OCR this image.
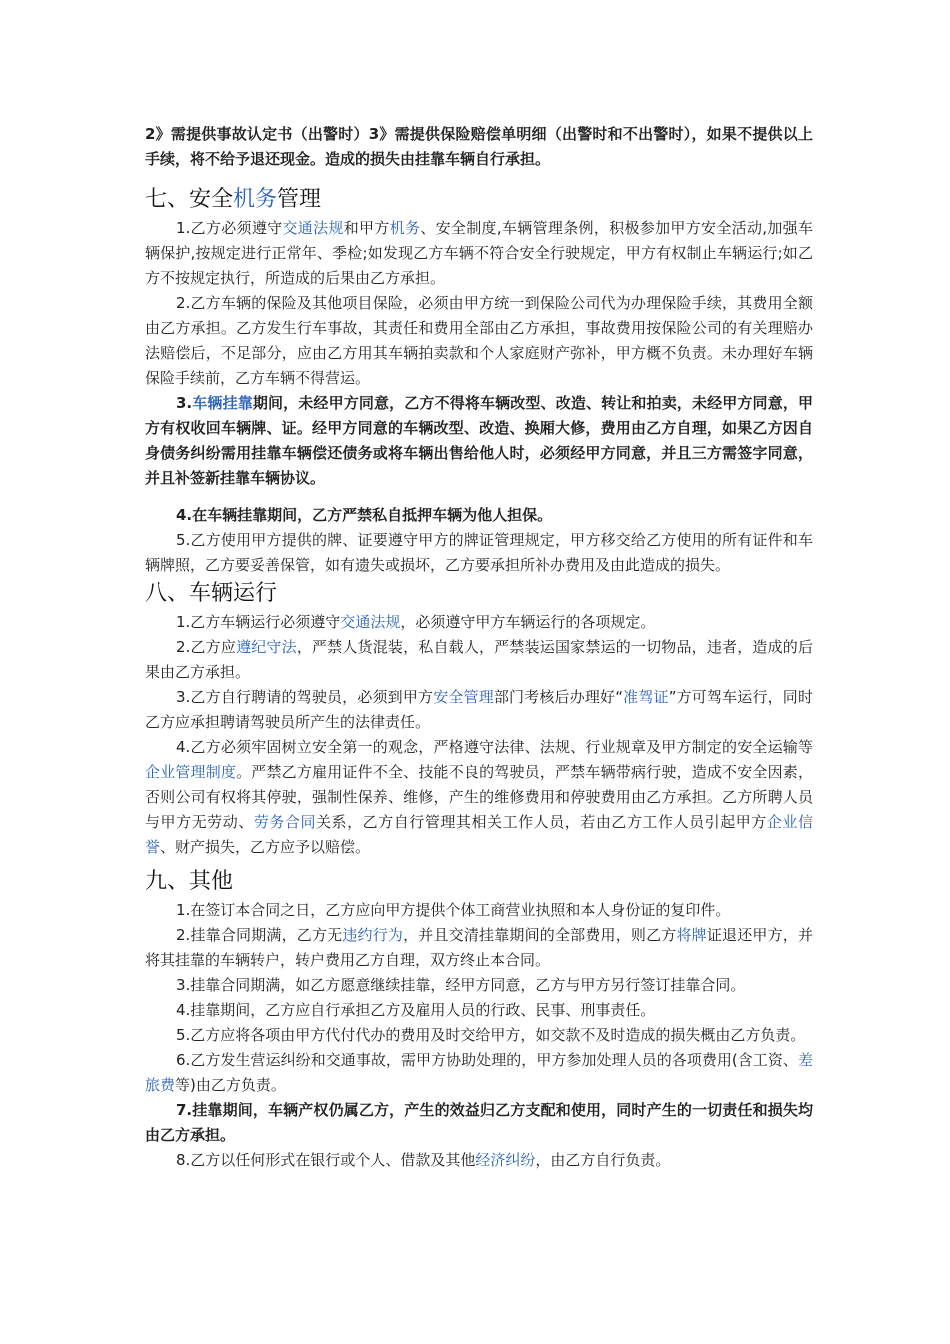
2》需提供事故认定书（出警时）3》需提供保险赔偿单明细（出警时和不出警时），如果不提供以上手续，将不给予退还现金。造成的损失由挂靠车辆自行承担。

七、安全机务管理

1.乙方必须遵守交通法规和甲方机务、安全制度,车辆管理条例，积极参加甲方安全活动,加强车辆保护,按规定进行正常年、季检;如发现乙方车辆不符合安全行驶规定，甲方有权制止车辆运行;如乙方不按规定执行，所造成的后果由乙方承担。

2.乙方车辆的保险及其他项目保险，必须由甲方统一到保险公司代为办理保险手续，其费用全额由乙方承担。乙方发生行车事故，其责任和费用全部由乙方承担，事故费用按保险公司的有关理赔办法赔偿后，不足部分，应由乙方用其车辆拍卖款和个人家庭财产弥补，甲方概不负责。未办理好车辆保险手续前，乙方车辆不得营运。

3.车辆挂靠期间，未经甲方同意，乙方不得将车辆改型、改造、转让和拍卖，未经甲方同意，甲方有权收回车辆牌、证。经甲方同意的车辆改型、改造、换厢大修，费用由乙方自理，如果乙方因自身债务纠纷需用挂靠车辆偿还债务或将车辆出售给他人时，必须经甲方同意，并且三方需签字同意，并且补签新挂靠车辆协议。

4.在车辆挂靠期间，乙方严禁私自抵押车辆为他人担保。

5.乙方使用甲方提供的牌、证要遵守甲方的牌证管理规定，甲方移交给乙方使用的所有证件和车辆牌照，乙方要妥善保管，如有遗失或损坏，乙方要承担所补办费用及由此造成的损失。

八、车辆运行

1.乙方车辆运行必须遵守交通法规，必须遵守甲方车辆运行的各项规定。

2.乙方应遵纪守法，严禁人货混装，私自载人，严禁装运国家禁运的一切物品，违者，造成的后果由乙方承担。

3.乙方自行聘请的驾驶员，必须到甲方安全管理部门考核后办理好“准驾证”方可驾车运行，同时乙方应承担聘请驾驶员所产生的法律责任。

4.乙方必须牢固树立安全第一的观念，严格遵守法律、法规、行业规章及甲方制定的安全运输等企业管理制度。严禁乙方雇用证件不全、技能不良的驾驶员，严禁车辆带病行驶，造成不安全因素，否则公司有权将其停驶，强制性保养、维修，产生的维修费用和停驶费用由乙方承担。乙方所聘人员与甲方无劳动、劳务合同关系，乙方自行管理其相关工作人员，若由乙方工作人员引起甲方企业信誉、财产损失，乙方应予以赔偿。

九、其他

1.在签订本合同之日，乙方应向甲方提供个体工商营业执照和本人身份证的复印件。

2.挂靠合同期满，乙方无违约行为，并且交清挂靠期间的全部费用，则乙方将牌证退还甲方，并将其挂靠的车辆转户，转户费用乙方自理，双方终止本合同。

3.挂靠合同期满，如乙方愿意继续挂靠，经甲方同意，乙方与甲方另行签订挂靠合同。

4.挂靠期间，乙方应自行承担乙方及雇用人员的行政、民事、刑事责任。

5.乙方应将各项由甲方代付代办的费用及时交给甲方，如交款不及时造成的损失概由乙方负责。

6.乙方发生营运纠纷和交通事故，需甲方协助处理的，甲方参加处理人员的各项费用(含工资、差旅费等)由乙方负责。

7.挂靠期间，车辆产权仍属乙方，产生的效益归乙方支配和使用，同时产生的一切责任和损失均由乙方承担。

8.乙方以任何形式在银行或个人、借款及其他经济纠纷，由乙方自行负责。
